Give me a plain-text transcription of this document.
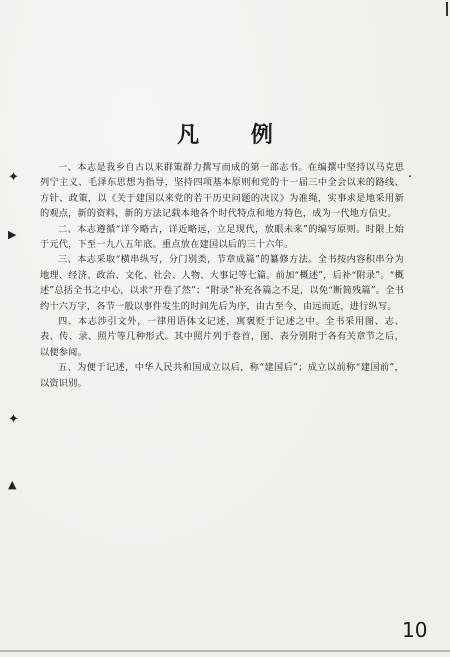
✦
▶
✦
▲
·
凡 例

一、本志是我乡自古以来群策群力撰写而成的第一部志书。在编撰中坚持以马克思列宁主义、毛泽东思想为指导，坚持四项基本原则和党的十一届三中全会以来的路线、方针、政策，以《关于建国以来党的若干历史问题的决议》为准绳，实事求是地采用新的观点，新的资料，新的方法记载本地各个时代特点和地方特色，成为一代地方信史。

二、本志遵循“详今略古，详近略远，立足现代，放眼未来”的编写原则。时限上始于元代，下至一九八五年底。重点放在建国以后的三十六年。

三、本志采取“横串纵写，分门别类，节章成篇”的纂修方法。全书按内容积串分为地理、经济、政治、文化、社会、人物、大事记等七篇。前加“概述”，后补“附录”。“概述”总括全书之中心，以求“开卷了然”；“附录”补充各篇之不足，以免“断简残篇”。全书约十六万字，各节一般以事件发生的时间先后为序，由古至今，由远而近，进行纵写。

四、本志涉引文外，一律用语体文记述，寓褒贬于记述之中。全书采用图、志、表、传、录、照片等几种形式。其中照片列于卷首，图、表分别附于各有关章节之后，以便参阅。

五、为便于记述，中华人民共和国成立以后，称“建国后”；成立以前称“建国前”，以资识别。

10
